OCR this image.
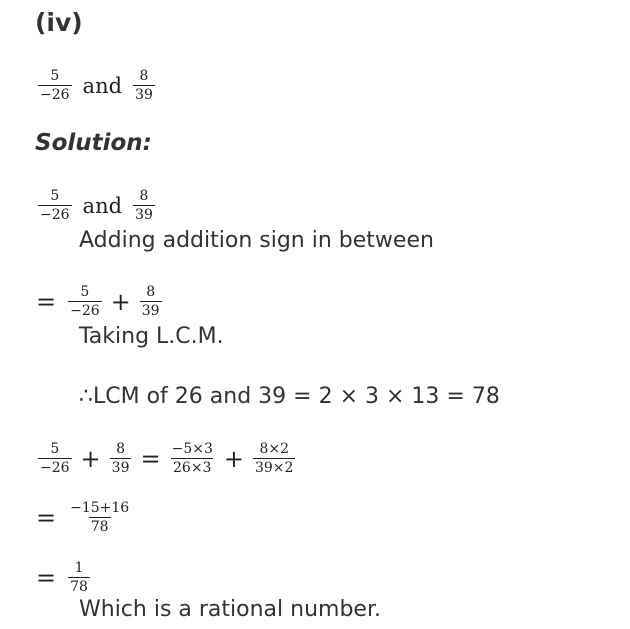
(iv)
$\frac{5}{-26}$ and $\frac{8}{39}$
Solution:
$\frac{5}{-26}$ and $\frac{8}{39}$
Adding addition sign in between
= $\frac{5}{-26} + \frac{8}{39}$
Taking L.C.M.
∴LCM of 26 and 39 = 2 × 3 × 13 = 78
$\frac{5}{-26} + \frac{8}{39} = \frac{-5\times 3}{26\times 3} + \frac{8\times 2}{39\times 2}$
= $\frac{-15+16}{78}$
= $\frac{1}{78}$
Which is a rational number.
